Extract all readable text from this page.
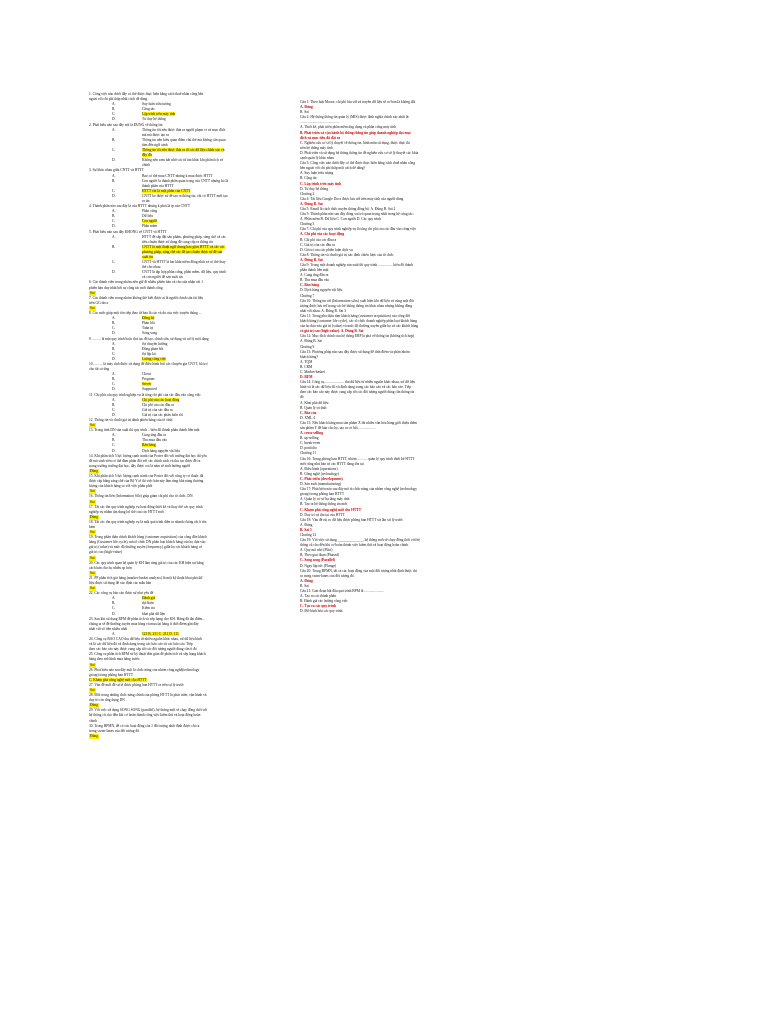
1. Công việc nào dưới đây có thể được thực hiện bằng cách thuê nhân công bên
ngoài với chi phí thấp nhất cách dễ dàng
A.	Suy luận trừu tượng
B.	Công tác
C.	Lập trình trên máy tính
D.	Tư duy hệ thống
2. Phát biểu nào sau đây nói là ĐÚNG về thông tin:
A.	Thông tin tốt nên được đưa ra người phạm vi và mục đích
mà mà được tạo ra
B.	Thông tin nên biểu quan điểm chủ thể mà không cần quan
tâm đến ngữ cảnh
C.	Thông tin tốt nên được đưa ra từ các dữ liệu chính xác và
đầy đủ
D.	Không nên xem bất nhờ các từ tăn khác khi phân tích và
chính
3. Sự khác nhau giữa CNTT và HTTT
A.	Bao có thể mua CNTT nhưng k mua được HTTT
B.	Con người là thành phần quan trọng của CNTT nhưng ko là
thành phần của HTTT
C.	HTTT chỉ là một phần của CNTT
D.	CNTT ko được sử dễ tạo ra thông tin, chỉ có HTTT mới tạo
ra tin
4. Thành phần nào sau đây là của HTTT nhưng k phải là tp của CNTT
A.	Phần cứng
B.	Dữ liệu
C.	Con người
D.	Phần mềm
5. Phát biểu nào sau đây KHÔNG về CNTT và HTTT
A.	HTTT để sắp đặt sản phẩm, phương pháp, sáng chế và các
tiêu chuẩn được sử dụng để cung cấp ra thông tin
B.	CNTT là một thuật ngữ chung bao gồm HTTT và các các
phương pháp, sáng chế các để tạo chuẩn được sử để sản
xuất tin
C.	CNTT và HTTT là hai khái niệm đồng nhất và có thể thay
thế cho nhau
D.	CNTT là tập hợp phần cứng, phần mềm, dữ liệu, quy trình
và con người để sản xuất tin
6. Các thành viên trong nhóm nên giữ đi nhiều phiên bản và cho sửa nhận xét 1
phiên bản duy nhất bởi sự cộng tác mới thành công
Sai
7. Các thành viên trong nhóm không thể biết được ai là người chỉnh sửa tài liệu
trên GG docs
Sai
8. Các mức giúp một tôn tiếp theo từ bao là các và du của việc truyền thông ...
A.	Đồng bộ
B.	Phản hồi
C.	Tuần tự
D.	Song song
9. ......... là một quy trình hoặc thư tục để tạo, chỉnh sửa, sử dụng và xử lý một dạng
A.	Sự chuyển hướng
B.	Đóng phản hồi
C.	Sự lặp lại
D.	Luồng công việc
10. ......... là máy tính được sử dụng để điều hành bởi các chuyên gia CNTT, hỗ trợ
cho tất cả ứng
A.	Client
B.	Program
C.	Server
D.	Supported
11. Chỉ phù cúa quy trình nghiệp vụ là tổng chi phí của các đầu vào công việc
A.	Chi phí của các hoạt động
B.	Chi phí của các đầu ra
C.	Giá trị của các đầu ra
D.	Giá trị của các phân luồn rồi
12. Thông tin và chuỗi giá trị dành phiếu hàng của tổ chức
Sai
13. Trong tình DN sản xuất thì quy trình .. biểu đồ thành phần thành liên mặt
A.	Cung ứng đầu ra
B.	Thu mua đầu vào
C.	Bán hàng
D.	Dịch hàng nguyên vật liệu
14. Khi phân tích 5 lực lượng cạnh tranh của Porter đối với trường đại học thì yếu
để mà sinh viên có thể đảm phán đối với các chính sách và thu tục được đề ra
trong trường trường đại học, đây được coi là năm sẽ sinh hướng người
Đúng
15. Khi phân tích 5 lực lượng cạnh tranh của Porter đối với công ty cơ thuộc đã
được cấp bằng sáng chế của Bộ Y tế thì việc bán này làm tăng khả năng thương
lượng của khách hàng so với việc phân phối
Sai
16. Thông tin liên (Information Silo) giúp giảm chi phí cho tổ chức, DN
Sai
17. Tất các tôn quy trình nghiệp vụ hoạt động thiết kế và thay thế các quy trình
nghiệp vụ nhằm tận dụng lợi thế của các HTTT mới
Đúng
18. Tất các tôn quy trình nghiệp vụ là một quá trình diễn ra nhanh chóng rất ít tốn
kém
Sai
19. Trong phần thân chính khách hàng (customer acquisition) của công đồn khách
hàng (Customer life cycle), mà tổ chức DN phân loại khách hàng của họ dựa vào
giá trị (value) và mức độ thường xuyên (frequency) giữa họ các khách hàng có
giá trị cao (high-value)
Sai
20. Các quy trình quan hệ quản lý KH làm tăng giá trị của các KH hiện tại bằng
cách bán cho họ nhiều sp hơn
Sai
21. PP phân tích giỏ hàng (market-basket analysis) là một kỹ thuật khai phá dữ
liệu được sử dụng để xác định các mẫu bán
Sai
22. Các công cụ báo cáo được sử như yếu để
A.	Đánh giá
B.	dự đoán
C.	Kiểm tra
D.	khai phá dữ liệu
23. Sau khi sử dụng RFM để phân tích và xếp hạng cho KH. Hãng đã đạt điểm...
chúng ta sẽ đề thường xuyên mua hàng và mua lại hàng ít thời điểm gần đây
nhất với số tiền nhiều nhất
A.	121 B. 231 C. 212 D. 111
24. Công cụ BÁO CÁO thu dữ liệu từ nhiều nguồn khác nhau, xử dữ liệu hình
và là các dữ liệu đó và định dạng trong các báo cáo và các báo cáo. Tiếp
theo các báo cáo này được cung cấp tới các đối tượng người dùng cần ít đó
25. Công cụ phân tích RFM sử kỹ thuật đơn giản để phân tích và xếp hạng khách
hàng theo mô hình mua hàng trước.
Sai
26. Phát biểu nào sau đây một là chức năng của nhóm công nghệ(technology
group) trong phòng ban HTTT
C. Khám phá công nghệ mới cho HTTT
27. Văn đề mới đề sự tế được phòng ban HTTT ra trên sự lý trước
Sai
28. Mối trong những chức năng chính của phòng HTTT là phát triển, vận hành và
duy trì các ứng dụng DN
Đúng
29. Với việc sử dụng SONG SONG (parallel), hệ thống mới sẽ chạy đồng thời với
hệ thống cũ cho đến khi cơ hoàn thành công việc kiểm thử và hoạt động hoàn
chỉnh
30. Trong BPMN, để có các hoạt động của 1 đối tượng nhất định được chỉ ra
trong swim-lanes của đối tượng đó.
Đúng
Câu 1: Theo luật Moore, chi phí lưu trữ và truyền dữ liệu sẽ cơ bản là không đổi
A. Đúng
B. Sai
Câu 2: Hệ thống thông tin quản lý (MIS) được định nghĩa chính xác nhất là:
............................................
A. Thiết kế, phát triển phần mềm ứng dụng và phần cứng máy tính
B. Phát triển và vận hành hệ thống thông tin giúp doanh nghiệp đạt mục
đích và mục tiêu đã đặt ra
C. Nghiên cứu cơ sở lý thuyết về thông tin, hình mẫu sử dụng, được thực thi
trên hệ thống máy tính
D. Phát triển và sử dụng hệ thống thông tin để nghiên cứu cơ sở lý thuyết các khía
cạnh quản lý khác nhau
Câu 3: Công việc nào dưới đây có thể được thực hiện bằng cách thuê nhân công
bên ngoài với chi phí thấp một cách dễ dàng?
A. Suy luận trừu tượng
B. Cộng tác
C. Lập trình trên máy tính
D. Tư duy hệ thống
Chương 2
Câu 4: Tài liệu Google Docs được lưu trữ trên máy tính của người dùng
A. Đúng B. Sai
Câu 5: Email là cách thức truyền thông đồng bộ. A. Đúng B. Sai 2
Câu 5: Thành phần nào sau đây đóng vai trò quan trọng nhất trong hệ cộng tác:
A. Phần mềm B. Dữ liệu C. Con người D. Các quy trình
Chương 3
Câu 7: Chi phí của quy trình nghiệp vụ là tổng chi phí của các đầu vào công việc
A. Chi phí của các hoạt động
B. Chi phí của các đầu ra
C. Giá trị của các đầu ra
D. Giá trị của các phiên luận dịch vụ
Câu 8: Thông tin và chuỗi giá trị xác định chiến lược của tổ chức
A. Đúng B. Sai
Câu 9: Trong một doanh nghiệp sản xuất thì quy trình ................ biểu đồ thành
phần thành liên mặt
A. Cung ứng đầu ra
B. Thu mua đầu vào
C. Bán hàng
D. Dịch hàng nguyên vật liệu
Chương 7
Câu 10: Thông tin rời (Information silos) xuất hiện khi dữ liệu và cùng một đối
tượng được lưu trữ trong các hệ thống thông tin khác nhau nhưng không đồng
nhất với nhau. A. Đúng B. Sai 3
Câu 11: Trong pha thâu tóm khách hàng (customer acquisition) của công đời
khách hàng (customer life cycle), các tổ chức doanh nghiệp phân loại khách hàng
của họ dựa vào giá trị (value) và mức độ thường xuyên giữa họ và các khách hàng
có giá trị cao (high-value). A. Đúng B. Sai
Câu 12: Mục đích chính của hệ thống ERP là phá vỡ thông tin (không tích hợp)
A. Đúng B. Sai
Chương 9
Câu 13: Phương pháp nào sau đây được sử dụng để tính điểm và phân nhóm
khách hàng?
A. TQM
B. CRM
C. Market-basket
D. RFM
Câu 14: Công cụ...................... thu dữ liệu từ nhiều nguồn khác nhau, xử dữ liệu
hình và là các dữ liệu đó và định dạng trong các báo cáo và các báo cáo. Tiếp
theo các báo cáo này được cung cấp tới các đối tượng người dùng cần thông tin
đó
A. Khai phá dữ liệu
B. Quản lý tri thức
C. Báo cáo
D. XML 4
Câu 15: Nếu khách hàng mua sản phẩm X thì nhiều vẫn hóa hàng giới thiệu thêm
sản phẩm Y để bán cho họ, tạo ra cơ hội ...................
A. cross-selling
B. up-selling
C. break-even
D. portfolio
Chương 11
Câu 16: Trong phòng ban HTTT, nhóm ........... quản lý quy trình thiết kế HTTT
mới cũng như bảo trì các HTTT đang tồn tại
A. Điều hành (operations)
B. Công nghệ (technology)
C. Phát triển (development)
D. Sản xuất (manufacturing)
Câu 17: Phát biểu nào sau đây mô tả chức năng của nhóm công nghệ (technology
group) trong phòng ban HTTT
A. Quản lý cơ sở hạ tầng máy tính
B. Tạo ra hệ thống thông tin mới
C. Khám phá công nghệ mới cho HTTT
D. Duy trì sự tồn tại của HTTT
Câu 18: Vấn đề rủi ro dữ liệu được phòng ban HTTT xử lần xử lý trước
A. Đúng
B. Sai 5
Chương 12
Câu 19: Với việc sử dụng ______________, hệ thống mới sẽ chạy đồng thời với hệ
thống cũ cho đến khi cơ hoàn thành việc kiểm thử và hoạt động hoàn chỉnh.
A. Quy mô nhỏ (Pilot)
B. Theo giai đoạn (Phased)
C. Song song (Parallel)
D. Ngay lập tức (Plunge)
Câu 20: Trong BPMN, tất cả các hoạt động của một đối tượng nhất định được chỉ
ra trong swim-lanes của đối tượng đó.
A. Đúng
B. Sai
Câu 21: Giai đoạn bắt đầu quá trình BPM là ......................
A. Tạo ra các thành phần
B. Đánh giá các hướng công việc
C. Tạo ra các quy trình
D. Mô hình hóa các quy trình
